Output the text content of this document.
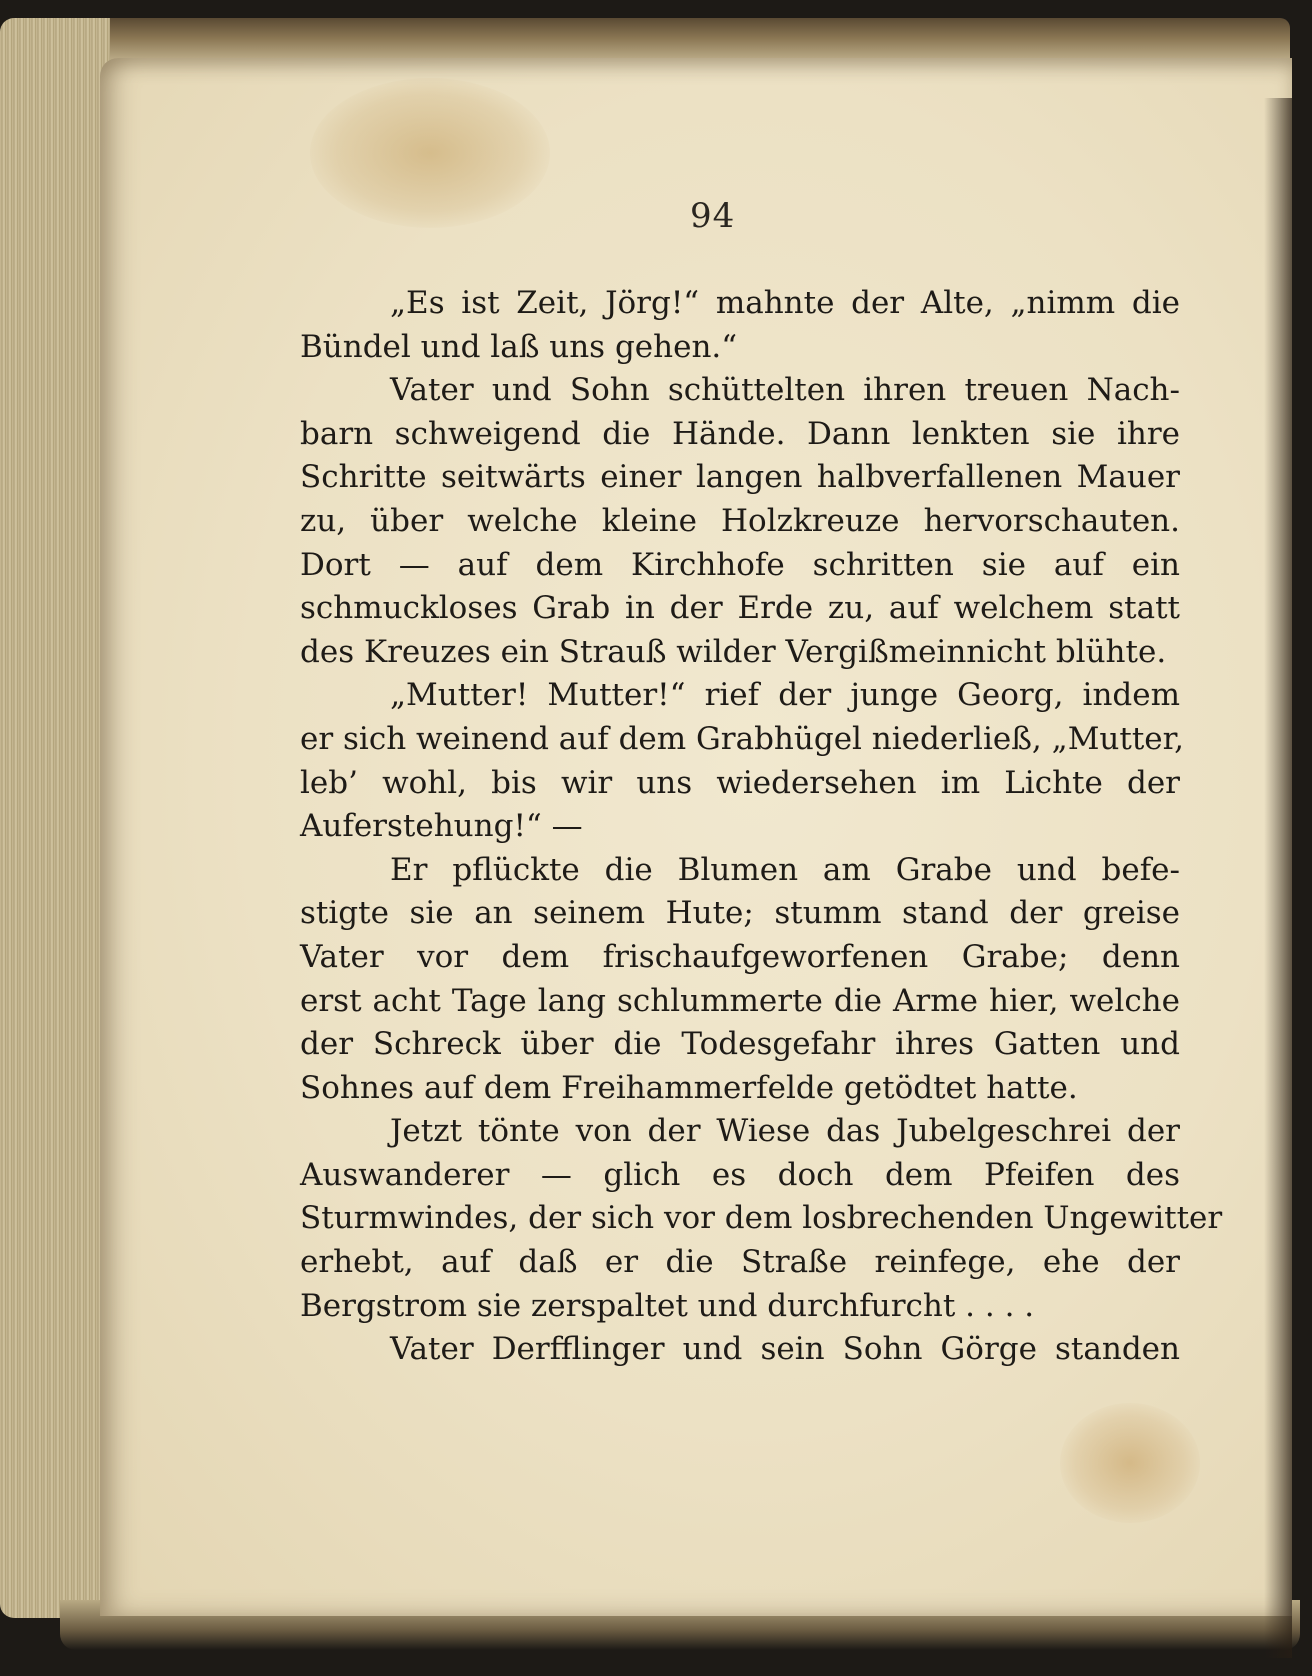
94
„Es ist Zeit, Jörg!“ mahnte der Alte, „nimm die
Bündel und laß uns gehen.“
Vater und Sohn schüttelten ihren treuen Nach-
barn schweigend die Hände. Dann lenkten sie ihre
Schritte seitwärts einer langen halbverfallenen Mauer
zu, über welche kleine Holzkreuze hervorschauten.
Dort — auf dem Kirchhofe schritten sie auf ein
schmuckloses Grab in der Erde zu, auf welchem statt
des Kreuzes ein Strauß wilder Vergißmeinnicht blühte.
„Mutter! Mutter!“ rief der junge Georg, indem
er sich weinend auf dem Grabhügel niederließ, „Mutter,
leb’ wohl, bis wir uns wiedersehen im Lichte der
Auferstehung!“ —
Er pflückte die Blumen am Grabe und befe-
stigte sie an seinem Hute; stumm stand der greise
Vater vor dem frischaufgeworfenen Grabe; denn
erst acht Tage lang schlummerte die Arme hier, welche
der Schreck über die Todesgefahr ihres Gatten und
Sohnes auf dem Freihammerfelde getödtet hatte.
Jetzt tönte von der Wiese das Jubelgeschrei der
Auswanderer — glich es doch dem Pfeifen des
Sturmwindes, der sich vor dem losbrechenden Ungewitter
erhebt, auf daß er die Straße reinfege, ehe der
Bergstrom sie zerspaltet und durchfurcht . . . .
Vater Derfflinger und sein Sohn Görge standen
